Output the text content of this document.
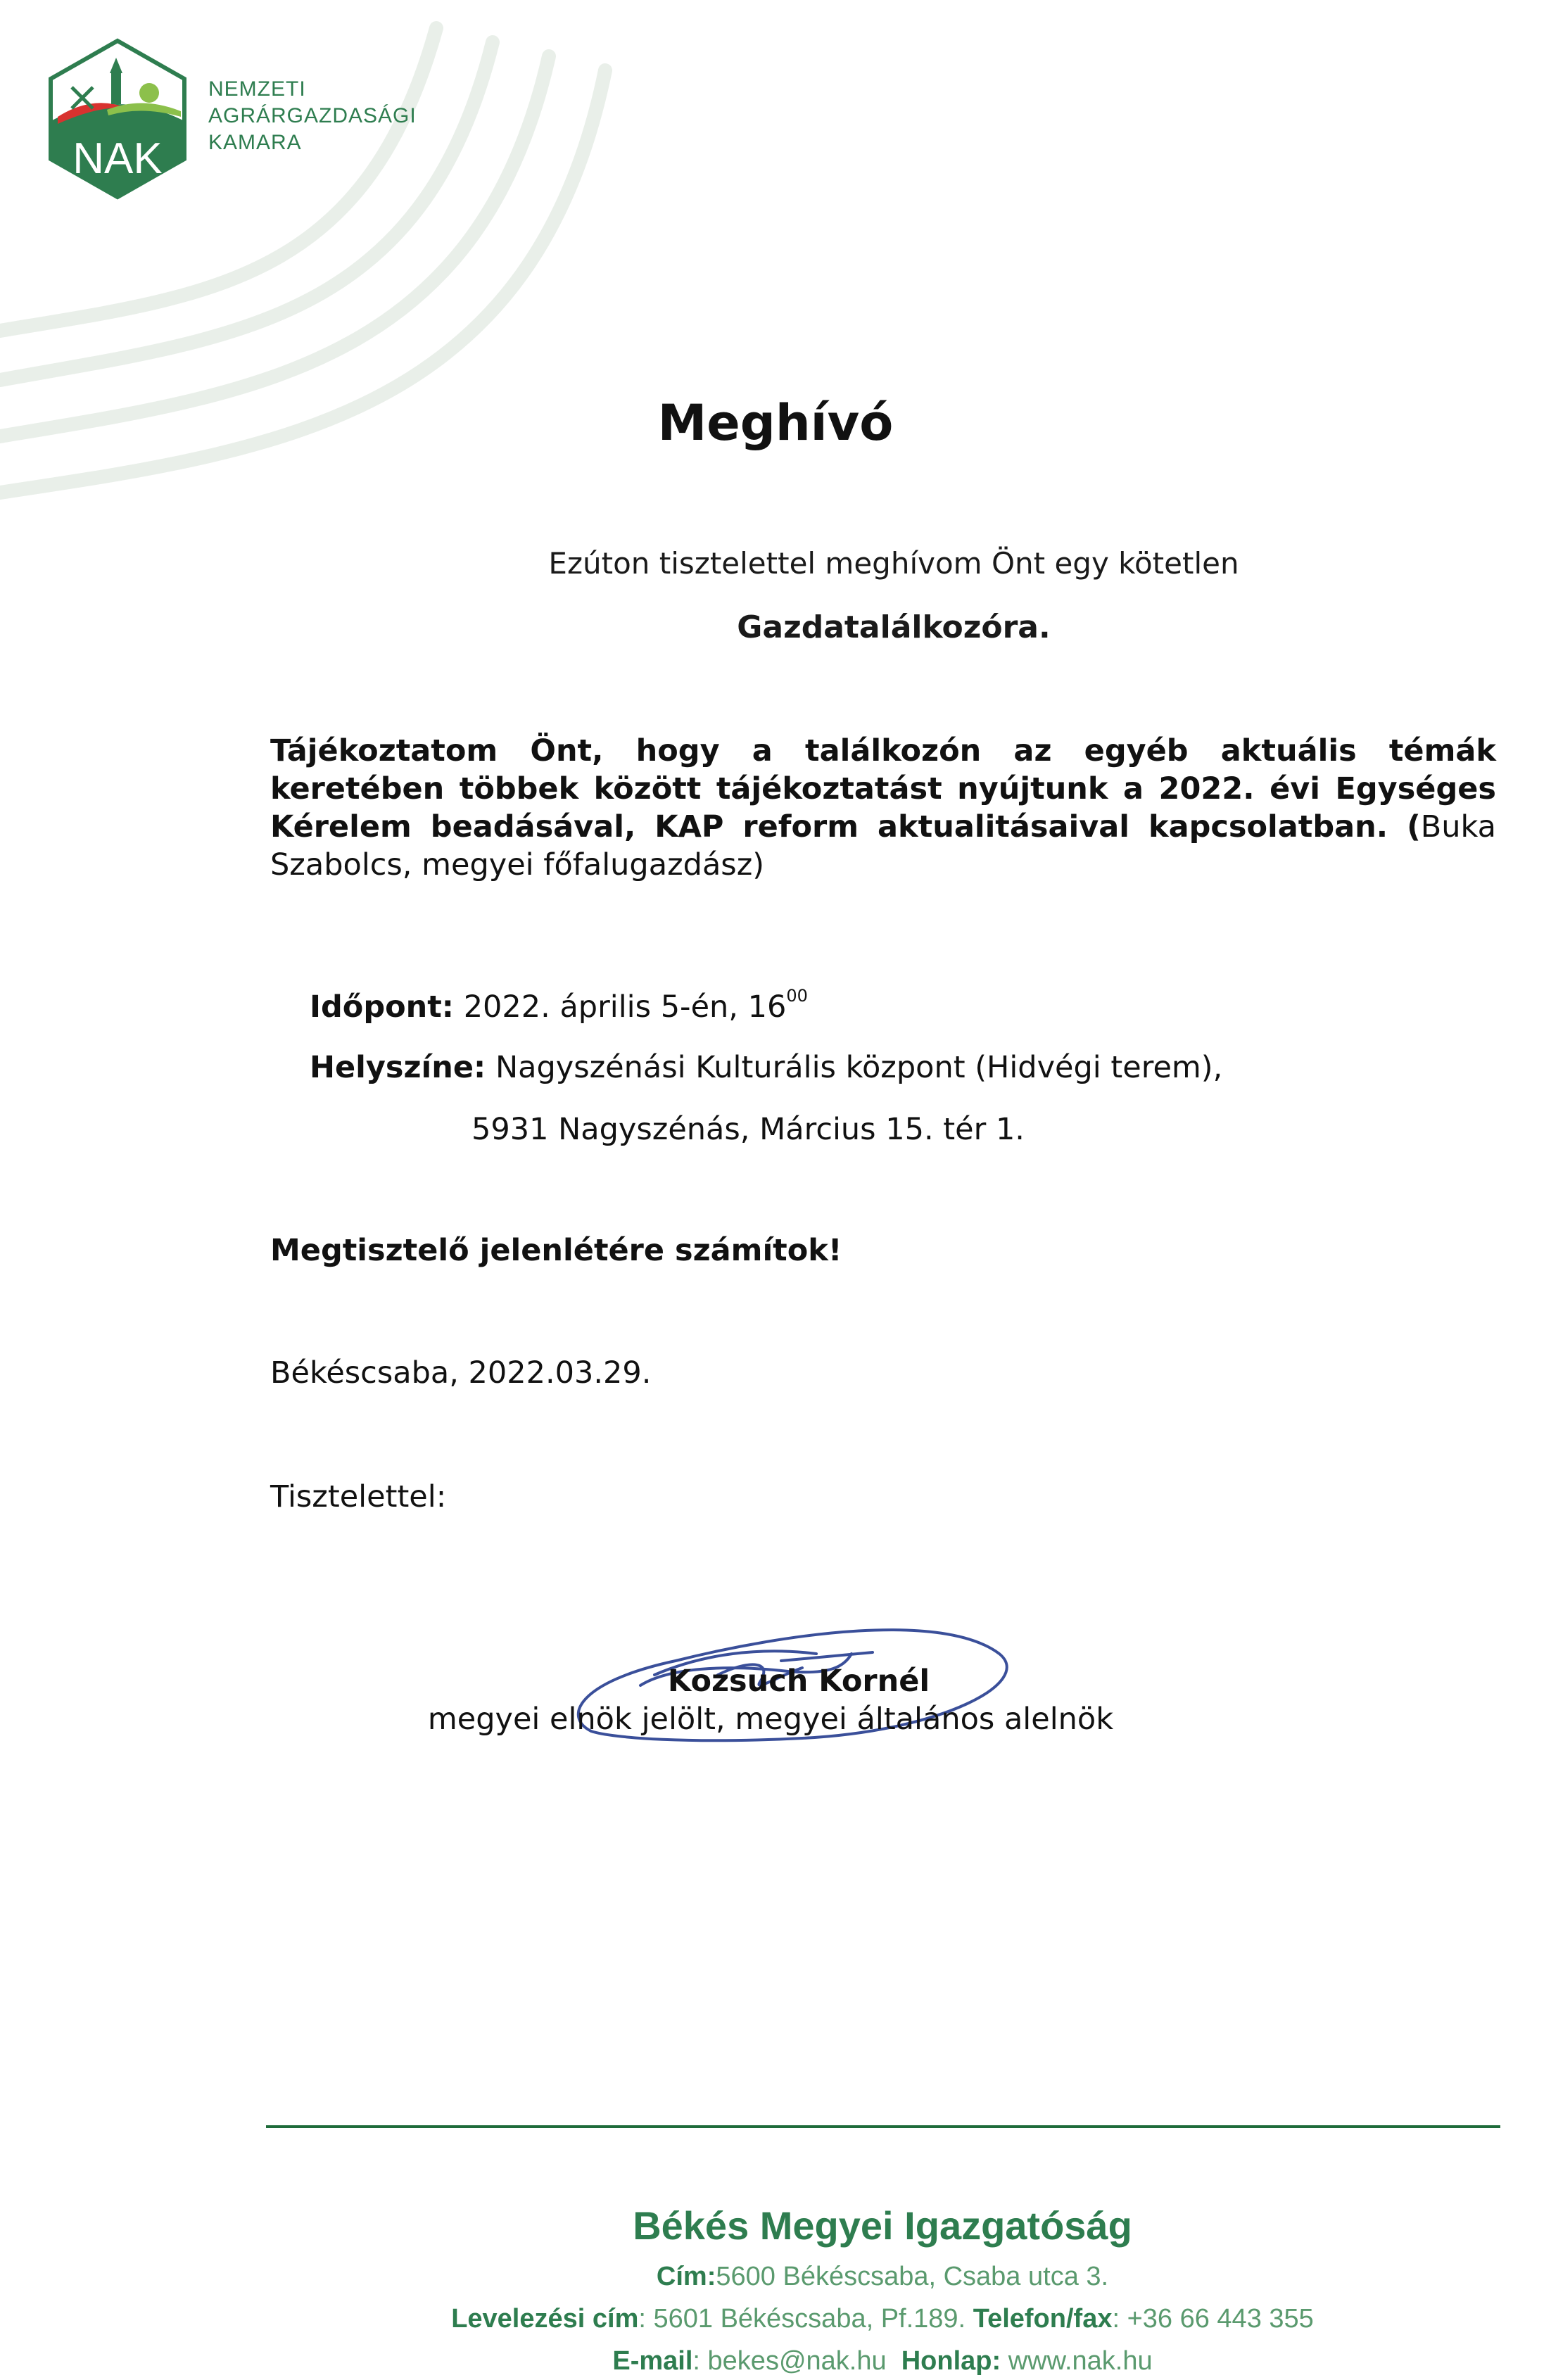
NAK
NEMZETI
AGRÁRGAZDASÁGI
KAMARA
Meghívó
Ezúton tisztelettel meghívom Önt egy kötetlen
Gazdatalálkozóra.
Tájékoztatom Önt, hogy a találkozón az egyéb aktuális témák keretében többek között tájékoztatást nyújtunk a 2022. évi Egységes Kérelem beadásával, KAP reform aktualitásaival kapcsolatban. (Buka Szabolcs, megyei főfalugazdász)
Időpont: 2022. április 5-én, $16^{00}$
Helyszíne: Nagyszénási Kulturális központ (Hidvégi terem),
5931 Nagyszénás, Március 15. tér 1.
Megtisztelő jelenlétére számítok!
Békéscsaba, 2022.03.29.
Tisztelettel:
Kozsuch Kornél
megyei elnök jelölt, megyei általános alelnök
Békés Megyei Igazgatóság
Cím:5600 Békéscsaba, Csaba utca 3.
Levelezési cím: 5601 Békéscsaba, Pf.189. Telefon/fax: +36 66 443 355
E-mail: bekes@nak.hu Honlap: www.nak.hu
